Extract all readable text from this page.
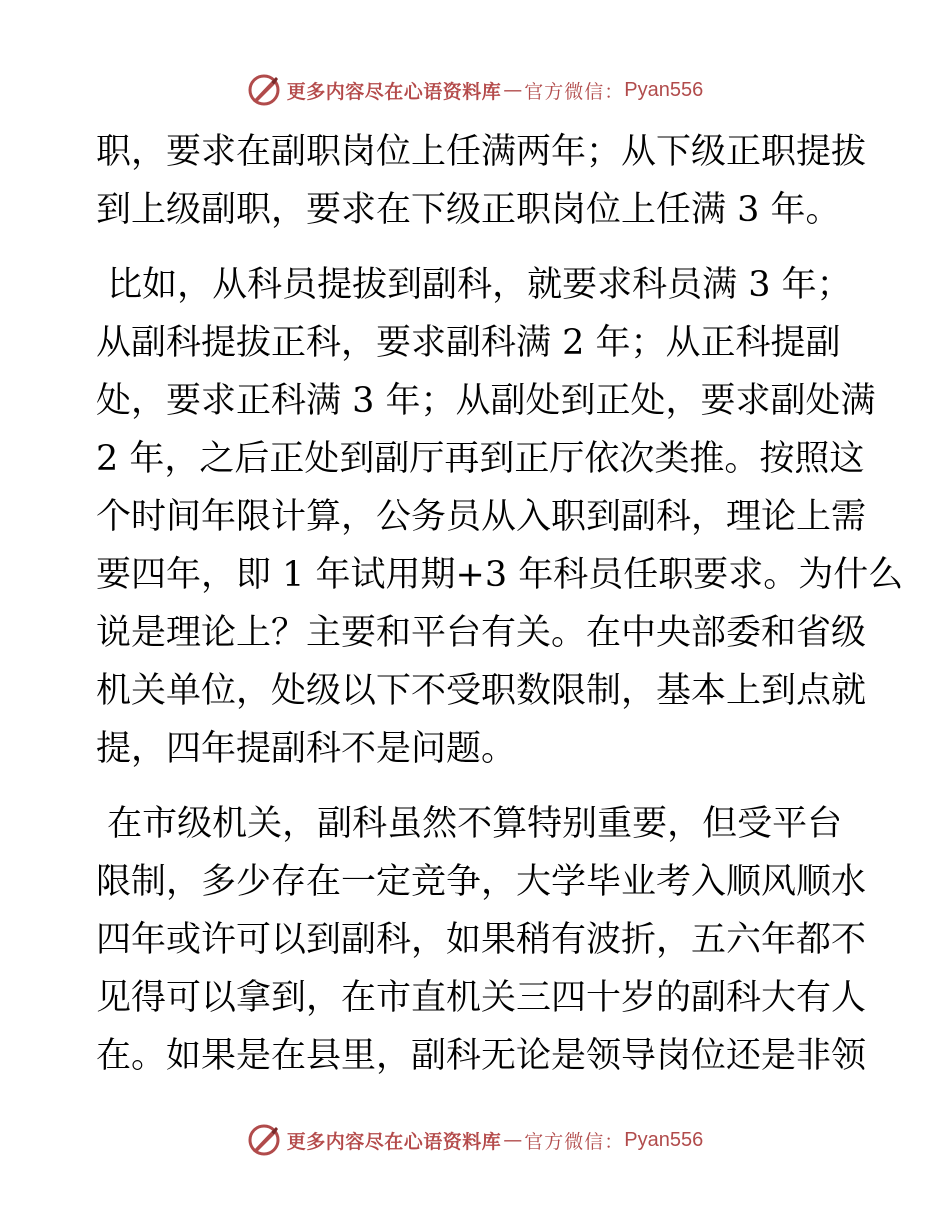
更多内容尽在心语资料库 — 官方微信： Pyan556

职，要求在副职岗位上任满两年；从下级正职提拔

到上级副职，要求在下级正职岗位上任满 3 年。

比如，从科员提拔到副科，就要求科员满 3 年；

从副科提拔正科，要求副科满 2 年；从正科提副

处，要求正科满 3 年；从副处到正处，要求副处满

2 年，之后正处到副厅再到正厅依次类推。按照这

个时间年限计算，公务员从入职到副科，理论上需

要四年，即 1 年试用期+3 年科员任职要求。为什么

说是理论上？主要和平台有关。在中央部委和省级

机关单位，处级以下不受职数限制，基本上到点就

提，四年提副科不是问题。

在市级机关，副科虽然不算特别重要，但受平台

限制，多少存在一定竞争，大学毕业考入顺风顺水

四年或许可以到副科，如果稍有波折，五六年都不

见得可以拿到，在市直机关三四十岁的副科大有人

在。如果是在县里，副科无论是领导岗位还是非领

更多内容尽在心语资料库 — 官方微信： Pyan556
